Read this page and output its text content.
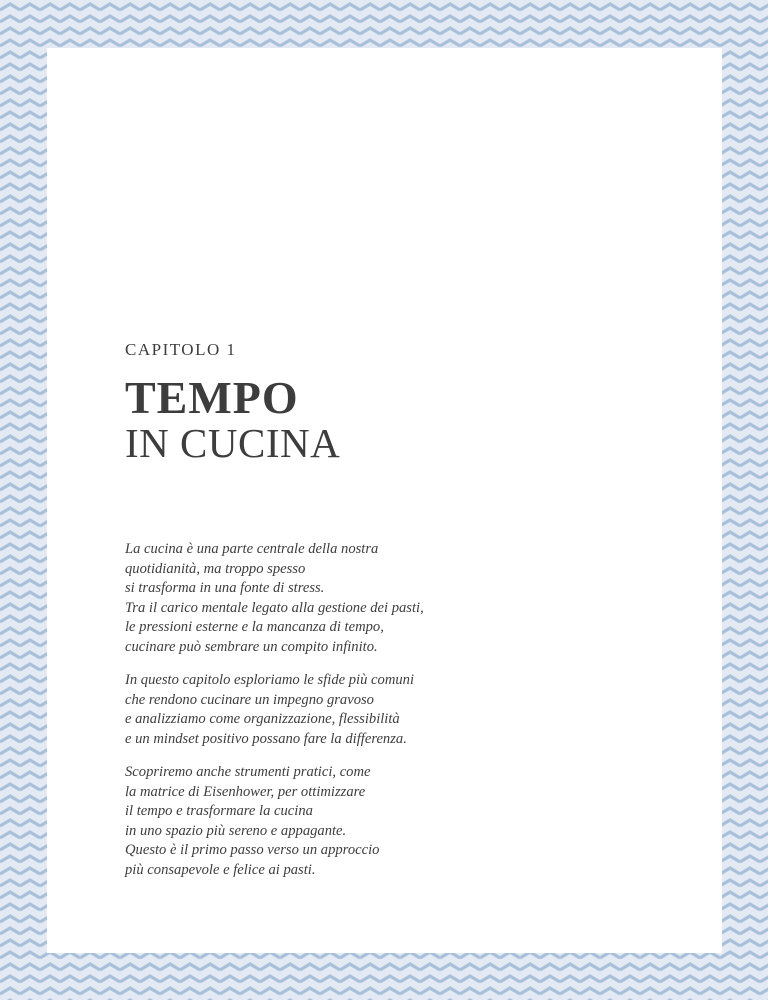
CAPITOLO 1
TEMPO
IN CUCINA

La cucina è una parte centrale della nostra
quotidianità, ma troppo spesso
si trasforma in una fonte di stress.
Tra il carico mentale legato alla gestione dei pasti,
le pressioni esterne e la mancanza di tempo,
cucinare può sembrare un compito infinito.

In questo capitolo esploriamo le sfide più comuni
che rendono cucinare un impegno gravoso
e analizziamo come organizzazione, flessibilità
e un mindset positivo possano fare la differenza.

Scopriremo anche strumenti pratici, come
la matrice di Eisenhower, per ottimizzare
il tempo e trasformare la cucina
in uno spazio più sereno e appagante.
Questo è il primo passo verso un approccio
più consapevole e felice ai pasti.
